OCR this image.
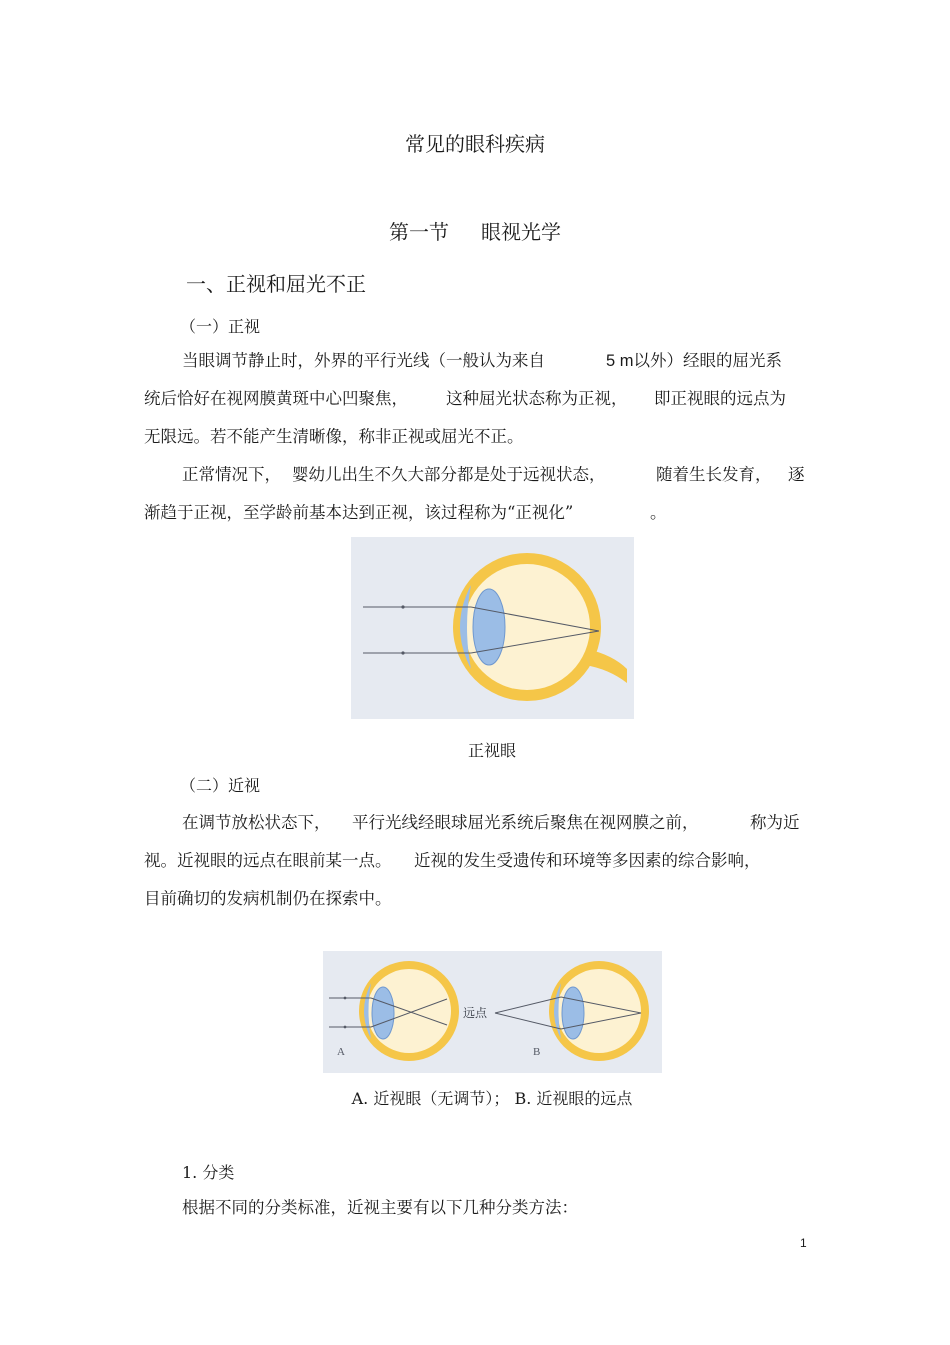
常见的眼科疾病
第一节 眼视光学
一、正视和屈光不正
（一）正视
当眼调节静止时，外界的平行光线（一般认为来自	5 m以外）经眼的屈光系
统后恰好在视网膜黄斑中心凹聚焦， 这种屈光状态称为正视， 即正视眼的远点为
无限远。若不能产生清晰像，称非正视或屈光不正。
正常情况下， 婴幼儿出生不久大部分都是处于远视状态，	随着生长发育， 逐
渐趋于正视，至学龄前基本达到正视，该过程称为“正视化”	。
正视眼
（二）近视
在调节放松状态下， 平行光线经眼球屈光系统后聚焦在视网膜之前，	称为近
视。近视眼的远点在眼前某一点。 近视的发生受遗传和环境等多因素的综合影响，
目前确切的发病机制仍在探索中。
A
远点
B
A. 近视眼（无调节）； B. 近视眼的远点
1. 分类
根据不同的分类标准，近视主要有以下几种分类方法：
1
